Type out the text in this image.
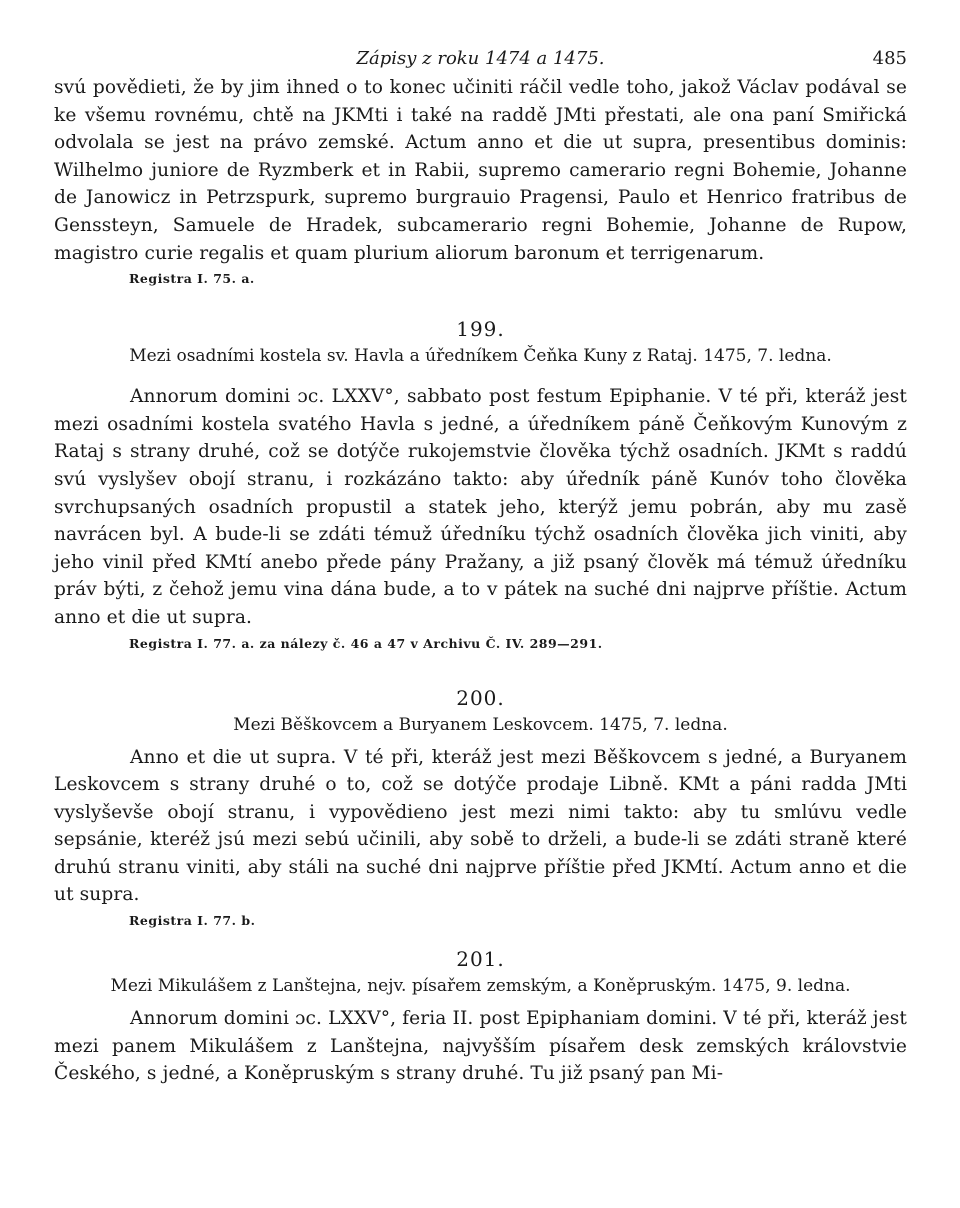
Zápisy z roku 1474 a 1475.	485

svú povědieti, že by jim ihned o to konec učiniti ráčil vedle toho, jakož Václav podával se ke všemu rovnému, chtě na JKMti i také na raddě JMti přestati, ale ona paní Smiřická odvolala se jest na právo zemské. Actum anno et die ut supra, presentibus dominis: Wilhelmo juniore de Ryzmberk et in Rabii, supremo camerario regni Bohemie, Johanne de Janowicz in Petrzspurk, supremo burgrauio Pragensi, Paulo et Henrico fratribus de Genssteyn, Samuele de Hradek, subcamerario regni Bohemie, Johanne de Rupow, magistro curie regalis et quam plurium aliorum baronum et terrigenarum.

Registra I. 75. a.
199.
Mezi osadními kostela sv. Havla a úředníkem Čeňka Kuny z Rataj. 1475, 7. ledna.

Annorum domini ɔc. LXXV°, sabbato post festum Epiphanie. V té při, kteráž jest mezi osadními kostela svatého Havla s jedné, a úředníkem páně Čeňkovým Kunovým z Rataj s strany druhé, což se dotýče rukojemstvie člověka týchž osadních. JKMt s raddú svú vyslyšev obojí stranu, i rozkázáno takto: aby úředník páně Kunóv toho člověka svrchupsaných osadních propustil a statek jeho, kterýž jemu pobrán, aby mu zasě navrácen byl. A bude-li se zdáti témuž úředníku týchž osadních člověka jich viniti, aby jeho vinil před KMtí anebo přede pány Pražany, a již psaný člověk má témuž úředníku práv býti, z čehož jemu vina dána bude, a to v pátek na suché dni najprve příštie. Actum anno et die ut supra.

Registra I. 77. a. za nálezy č. 46 a 47 v Archivu Č. IV. 289—291.
200.
Mezi Běškovcem a Buryanem Leskovcem. 1475, 7. ledna.

Anno et die ut supra. V té při, kteráž jest mezi Běškovcem s jedné, a Buryanem Leskovcem s strany druhé o to, což se dotýče prodaje Libně. KMt a páni radda JMti vyslyševše obojí stranu, i vypovědieno jest mezi nimi takto: aby tu smlúvu vedle sepsánie, kteréž jsú mezi sebú učinili, aby sobě to drželi, a bude-li se zdáti straně které druhú stranu viniti, aby stáli na suché dni najprve příštie před JKMtí. Actum anno et die ut supra.

Registra I. 77. b.
201.
Mezi Mikulášem z Lanštejna, nejv. písařem zemským, a Koněpruským. 1475, 9. ledna.

Annorum domini ɔc. LXXV°, feria II. post Epiphaniam domini. V té při, kteráž jest mezi panem Mikulášem z Lanštejna, najvyšším písařem desk zemských královstvie Českého, s jedné, a Koněpruským s strany druhé. Tu již psaný pan Mi-
